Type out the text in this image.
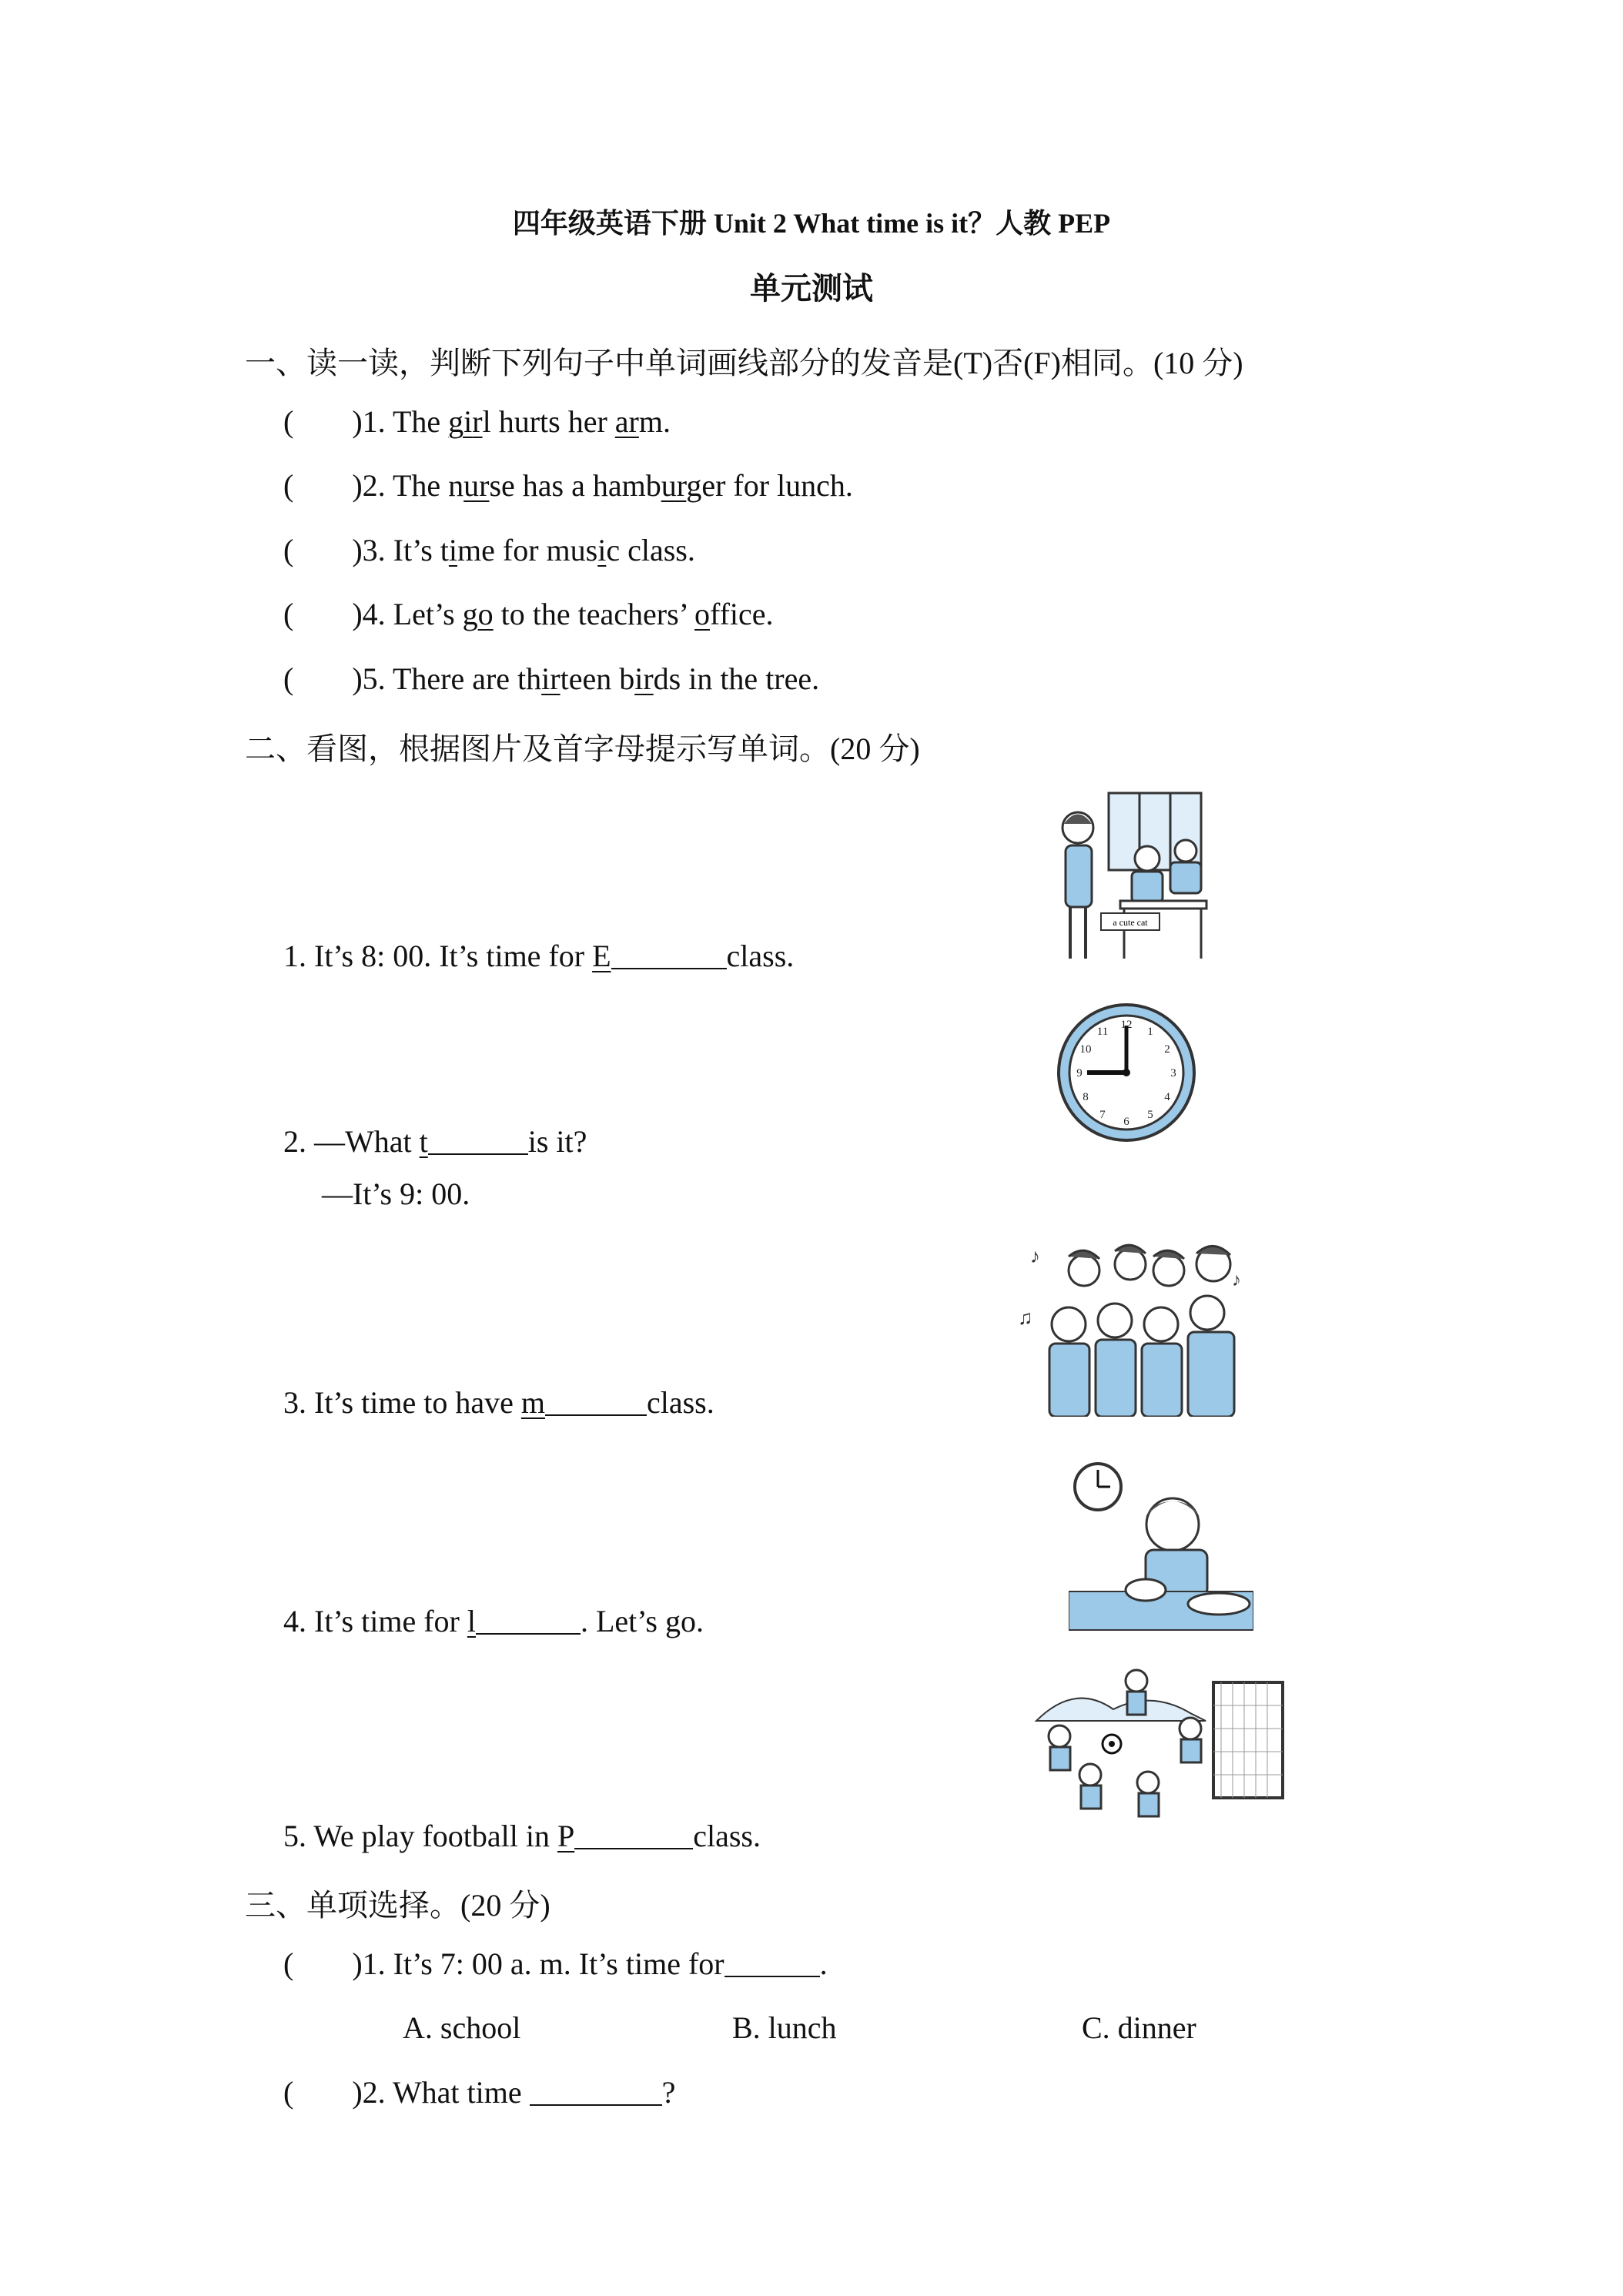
四年级英语下册 Unit 2 What time is it？人教 PEP
单元测试
一、读一读，判断下列句子中单词画线部分的发音是(T)否(F)相同。(10 分)
( )1. The girl hurts her arm.
( )2. The nurse has a hamburger for lunch.
( )3. It’s time for music class.
( )4. Let’s go to the teachers’ office.
( )5. There are thirteen birds in the tree.
二、看图，根据图片及首字母提示写单词。(20 分)
1. It’s 8: 00. It’s time for E	class.
2. —What t	is it?
—It’s 9: 00.
3. It’s time to have m	class.
4. It’s time for l	. Let’s go.
5. We play football in P	class.
a cute cat
12
1
2
3
4
5
6
7
8
9
10
11
♪
♫
♪
三、单项选择。(20 分)
( )1. It’s 7: 00 a. m. It’s time for	.
A. school	B. lunch	C. dinner
( )2. What time	?
